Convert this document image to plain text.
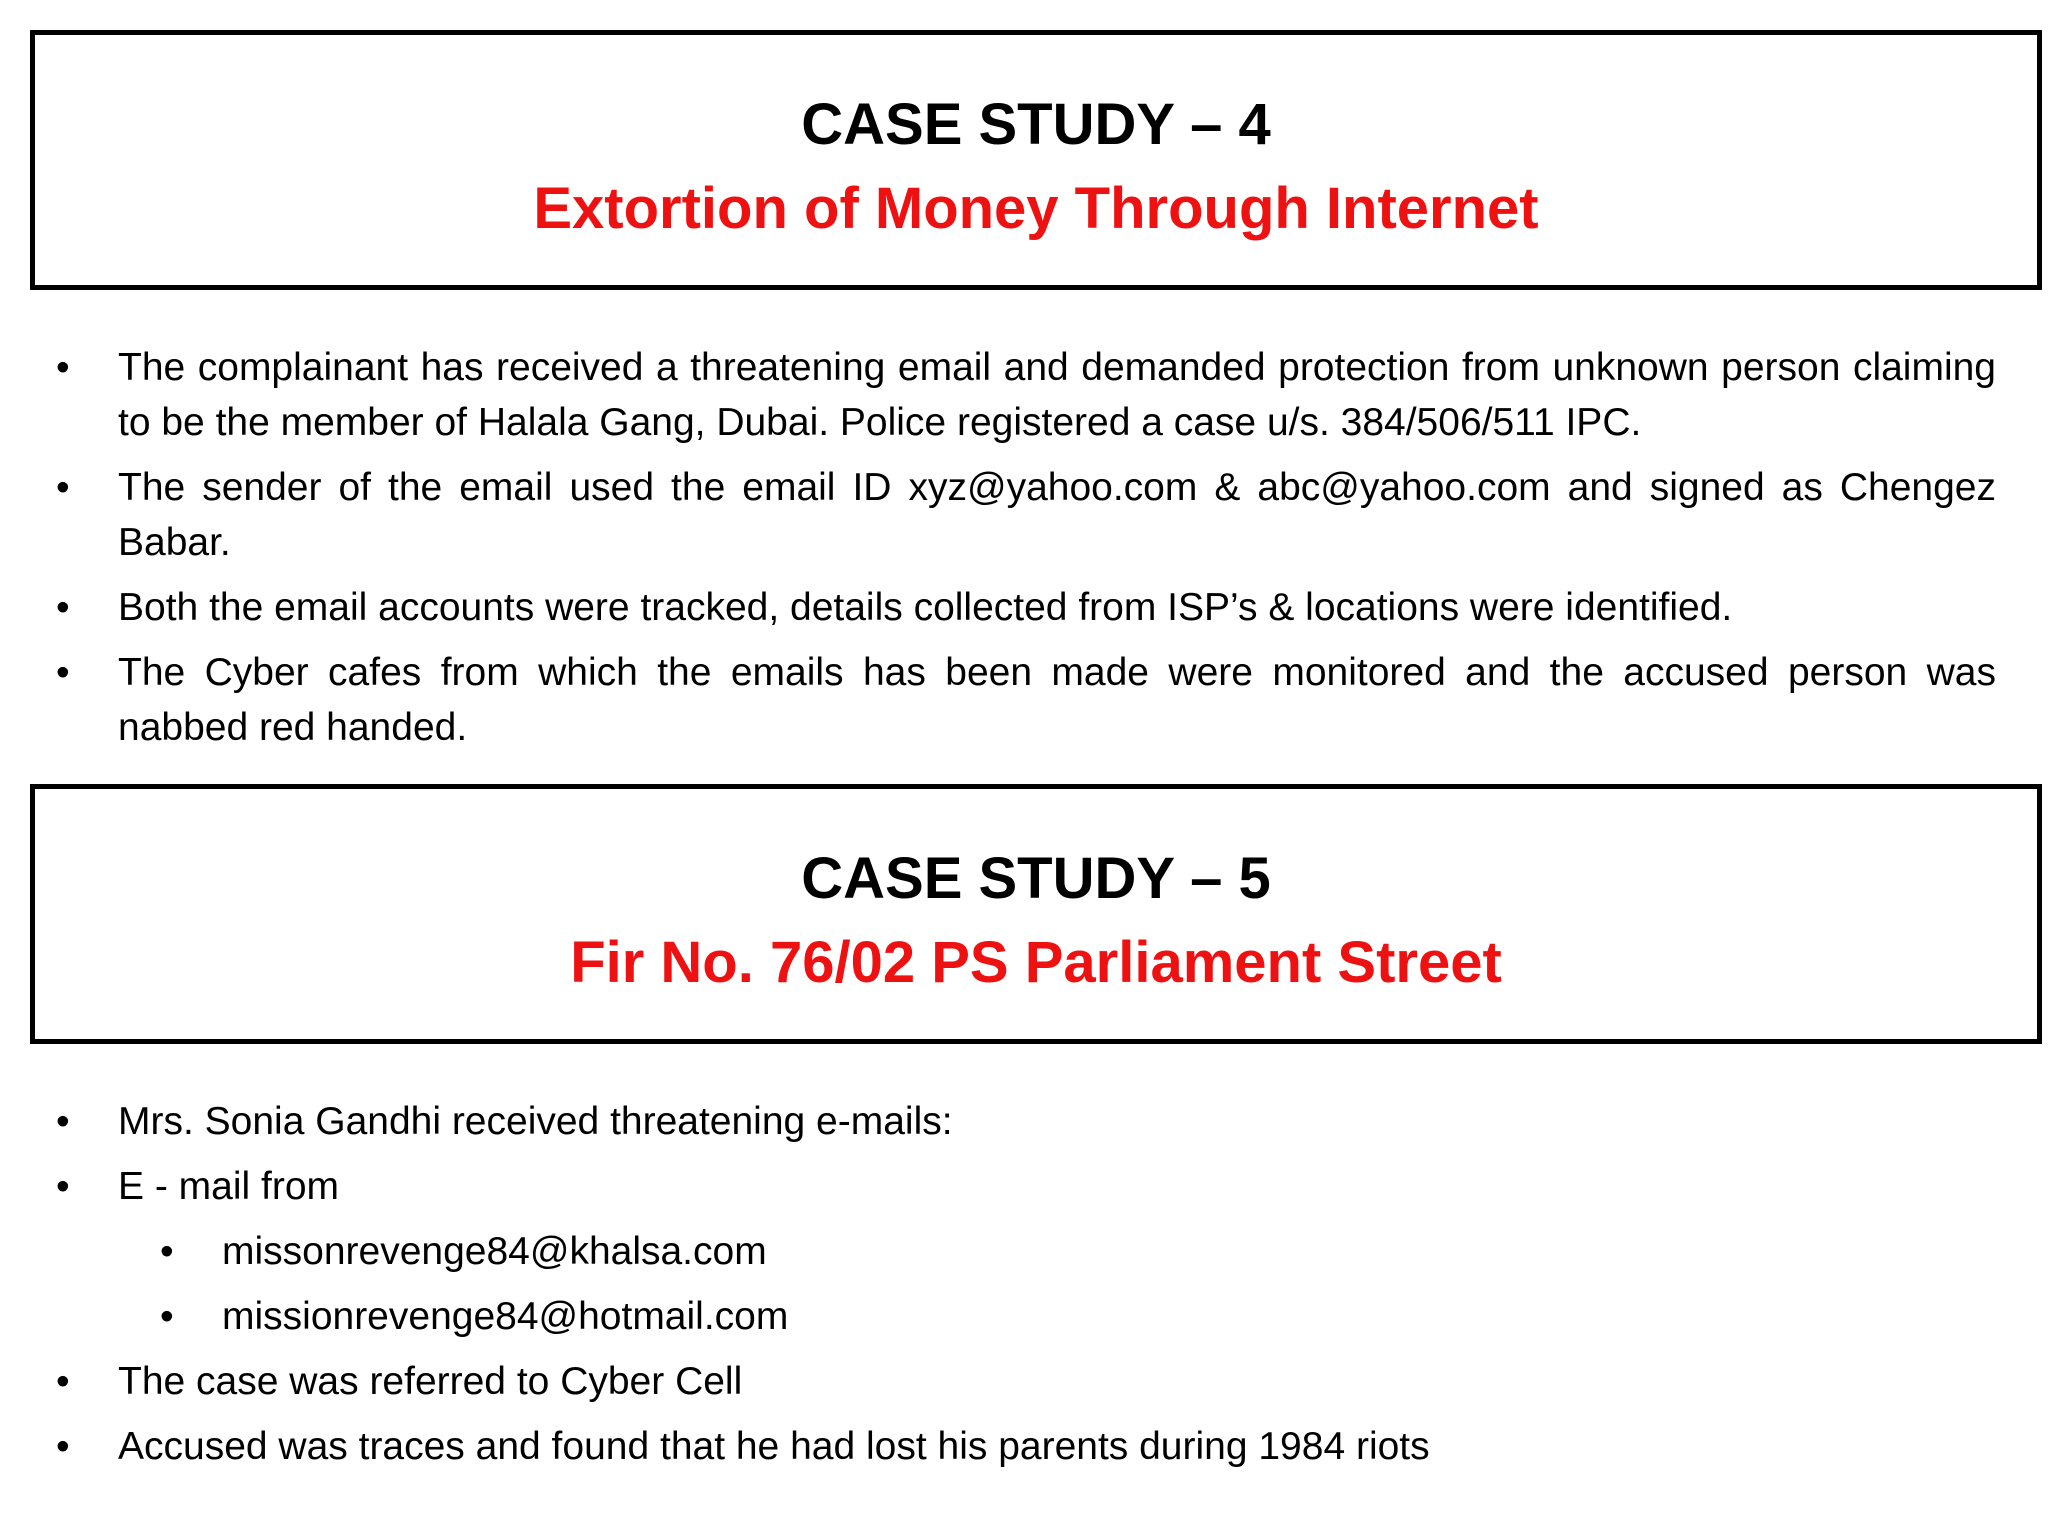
CASE STUDY – 4
Extortion of Money Through Internet
• The complainant has received a threatening email and demanded protection from unknown person claiming to be the member of Halala Gang, Dubai. Police registered a case u/s. 384/506/511 IPC.
• The sender of the email used the email ID xyz@yahoo.com & abc@yahoo.com and signed as Chengez Babar.
• Both the email accounts were tracked, details collected from ISP’s & locations were identified.
• The Cyber cafes from which the emails has been made were monitored and the accused person was nabbed red handed.
CASE STUDY – 5
Fir No. 76/02 PS Parliament Street
• Mrs. Sonia Gandhi received threatening e-mails:
• E - mail from
• missonrevenge84@khalsa.com
• missionrevenge84@hotmail.com
• The case was referred to Cyber Cell
• Accused was traces and found that he had lost his parents during 1984 riots
